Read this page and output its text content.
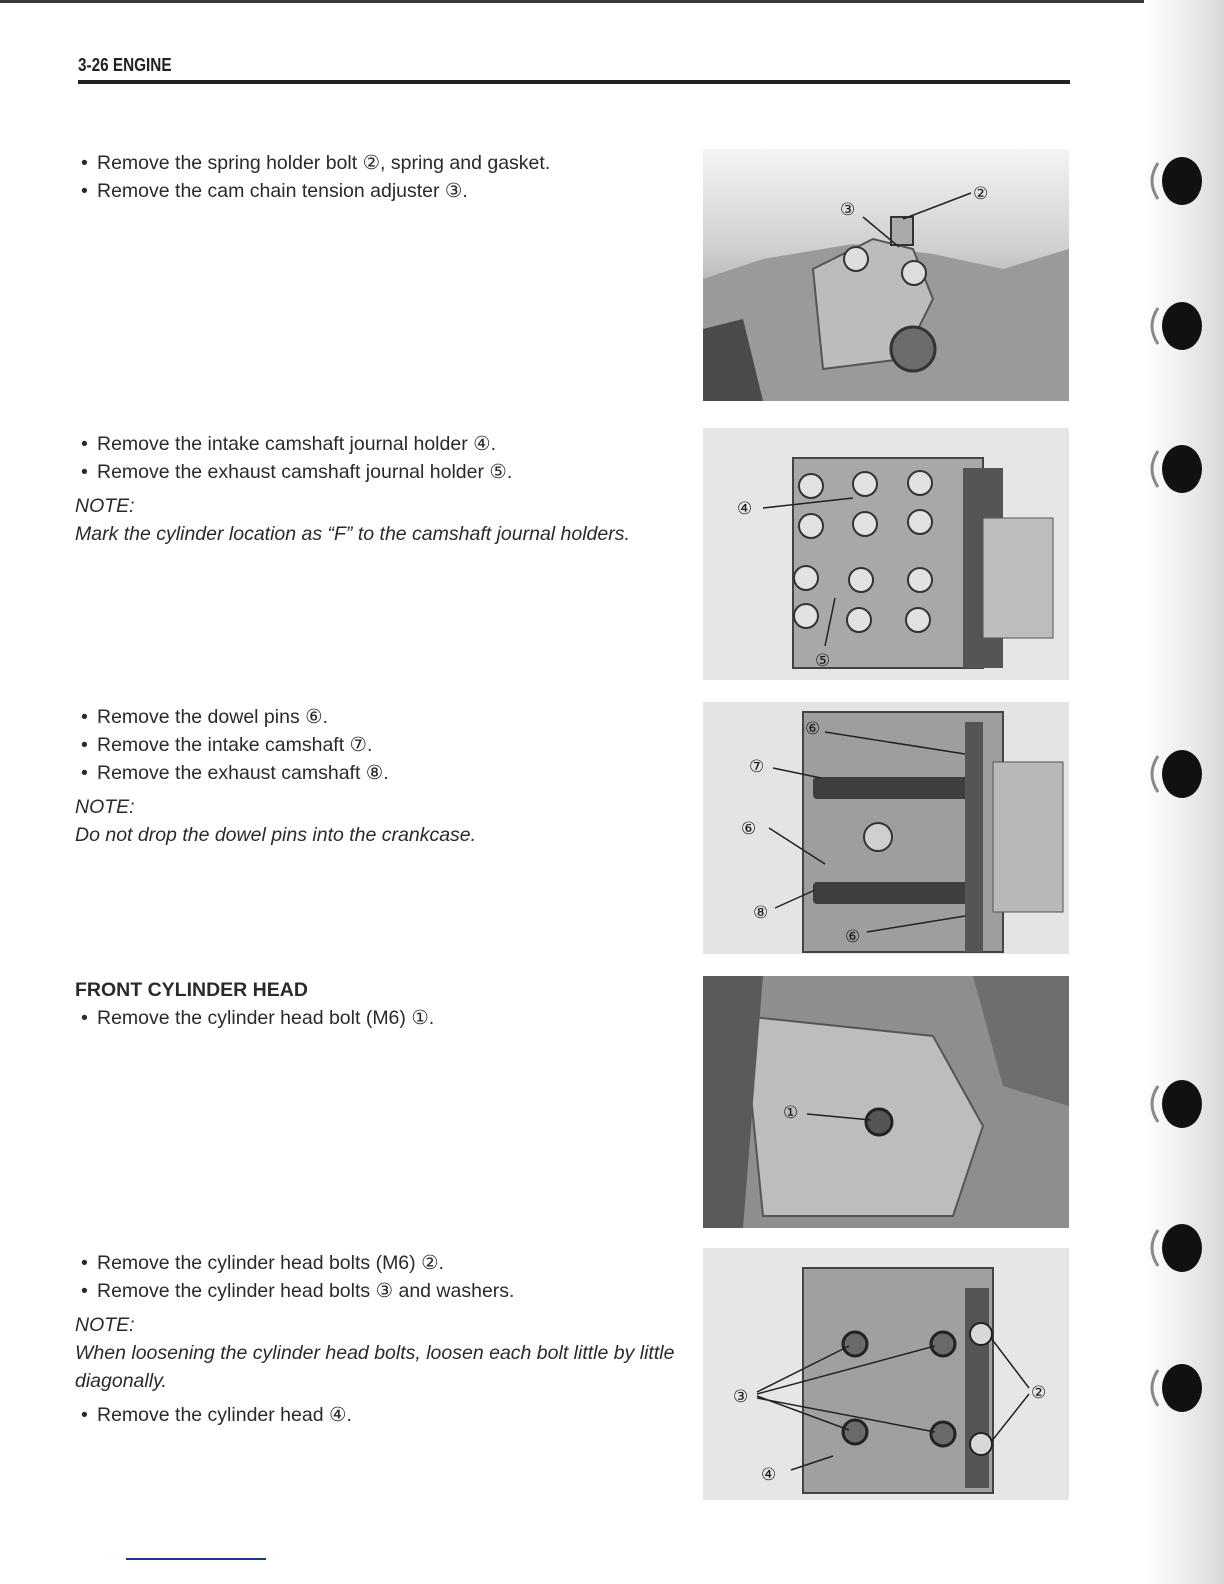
3-26 ENGINE
• Remove the spring holder bolt ②, spring and gasket.
• Remove the cam chain tension adjuster ③.
• Remove the intake camshaft journal holder ④.
• Remove the exhaust camshaft journal holder ⑤.
NOTE:
Mark the cylinder location as “F” to the camshaft journal holders.
• Remove the dowel pins ⑥.
• Remove the intake camshaft ⑦.
• Remove the exhaust camshaft ⑧.
NOTE:
Do not drop the dowel pins into the crankcase.
FRONT CYLINDER HEAD
• Remove the cylinder head bolt (M6) ①.
• Remove the cylinder head bolts (M6) ②.
• Remove the cylinder head bolts ③ and washers.
NOTE:
When loosening the cylinder head bolts, loosen each bolt little by little diagonally.
• Remove the cylinder head ④.
③
②
④
⑤
⑥
⑦
⑥
⑧
⑥
①
③	②
④
